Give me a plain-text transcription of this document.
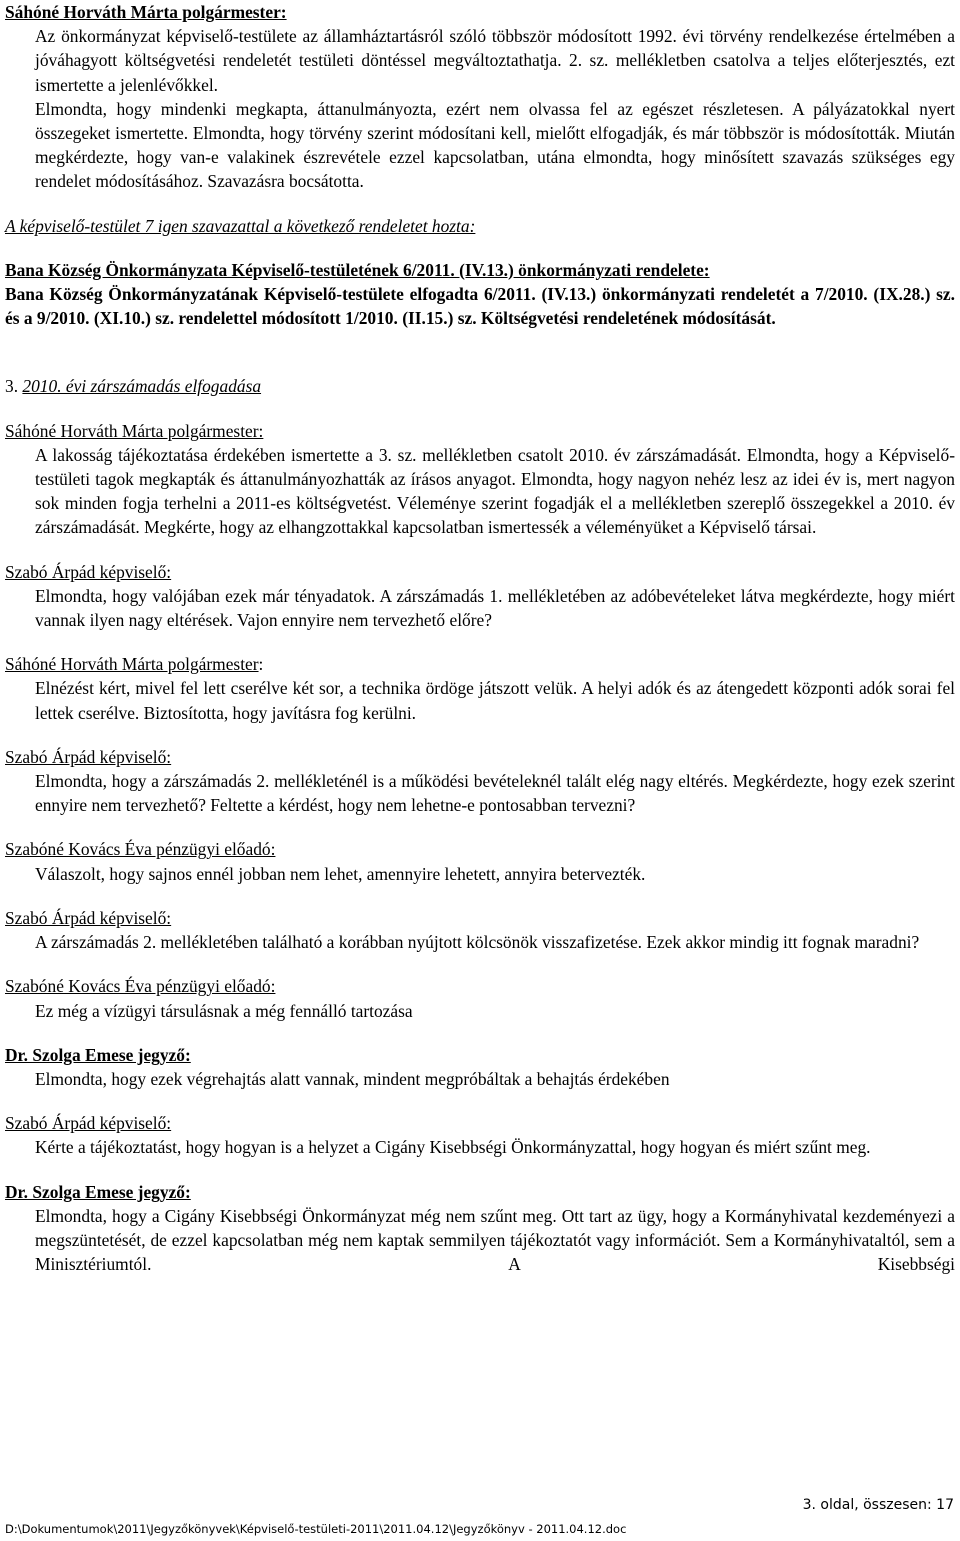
Sáhóné Horváth Márta polgármester:

Az önkormányzat képviselő-testülete az államháztartásról szóló többször módosított 1992. évi törvény rendelkezése értelmében a jóváhagyott költségvetési rendeletét testületi döntéssel megváltoztathatja. 2. sz. mellékletben csatolva a teljes előterjesztés, ezt ismertette a jelenlévőkkel.

Elmondta, hogy mindenki megkapta, áttanulmányozta, ezért nem olvassa fel az egészet részletesen. A pályázatokkal nyert összegeket ismertette. Elmondta, hogy törvény szerint módosítani kell, mielőtt elfogadják, és már többször is módosították. Miután megkérdezte, hogy van-e valakinek észrevétele ezzel kapcsolatban, utána elmondta, hogy minősített szavazás szükséges egy rendelet módosításához. Szavazásra bocsátotta.

A képviselő-testület 7 igen szavazattal a következő rendeletet hozta:

Bana Község Önkormányzata Képviselő-testületének 6/2011. (IV.13.) önkormányzati rendelete:

Bana Község Önkormányzatának Képviselő-testülete elfogadta 6/2011. (IV.13.) önkormányzati rendeletét a 7/2010. (IX.28.) sz. és a 9/2010. (XI.10.) sz. rendelettel módosított 1/2010. (II.15.) sz. Költségvetési rendeletének módosítását.

3. 2010. évi zárszámadás elfogadása

Sáhóné Horváth Márta polgármester:

A lakosság tájékoztatása érdekében ismertette a 3. sz. mellékletben csatolt 2010. év zárszámadását. Elmondta, hogy a Képviselő-testületi tagok megkapták és áttanulmányozhatták az írásos anyagot. Elmondta, hogy nagyon nehéz lesz az idei év is, mert nagyon sok minden fogja terhelni a 2011-es költségvetést. Véleménye szerint fogadják el a mellékletben szereplő összegekkel a 2010. év zárszámadását. Megkérte, hogy az elhangzottakkal kapcsolatban ismertessék a véleményüket a Képviselő társai.

Szabó Árpád képviselő:

Elmondta, hogy valójában ezek már tényadatok. A zárszámadás 1. mellékletében az adóbevételeket látva megkérdezte, hogy miért vannak ilyen nagy eltérések. Vajon ennyire nem tervezhető előre?

Sáhóné Horváth Márta polgármester:

Elnézést kért, mivel fel lett cserélve két sor, a technika ördöge játszott velük. A helyi adók és az átengedett központi adók sorai fel lettek cserélve. Biztosította, hogy javításra fog kerülni.

Szabó Árpád képviselő:

Elmondta, hogy a zárszámadás 2. mellékleténél is a működési bevételeknél talált elég nagy eltérés. Megkérdezte, hogy ezek szerint ennyire nem tervezhető? Feltette a kérdést, hogy nem lehetne-e pontosabban tervezni?

Szabóné Kovács Éva pénzügyi előadó:

Válaszolt, hogy sajnos ennél jobban nem lehet, amennyire lehetett, annyira betervezték.

Szabó Árpád képviselő:

A zárszámadás 2. mellékletében található a korábban nyújtott kölcsönök visszafizetése. Ezek akkor mindig itt fognak maradni?

Szabóné Kovács Éva pénzügyi előadó:

Ez még a vízügyi társulásnak a még fennálló tartozása

Dr. Szolga Emese jegyző:

Elmondta, hogy ezek végrehajtás alatt vannak, mindent megpróbáltak a behajtás érdekében

Szabó Árpád képviselő:

Kérte a tájékoztatást, hogy hogyan is a helyzet a Cigány Kisebbségi Önkormányzattal, hogy hogyan és miért szűnt meg.

Dr. Szolga Emese jegyző:

Elmondta, hogy a Cigány Kisebbségi Önkormányzat még nem szűnt meg. Ott tart az ügy, hogy a Kormányhivatal kezdeményezi a megszüntetését, de ezzel kapcsolatban még nem kaptak semmilyen tájékoztatót vagy információt. Sem a Kormányhivataltól, sem a Minisztériumtól. A Kisebbségi

3. oldal, összesen: 17
D:\Dokumentumok\2011\Jegyzőkönyvek\Képviselő-testületi-2011\2011.04.12\Jegyzőkönyv - 2011.04.12.doc
